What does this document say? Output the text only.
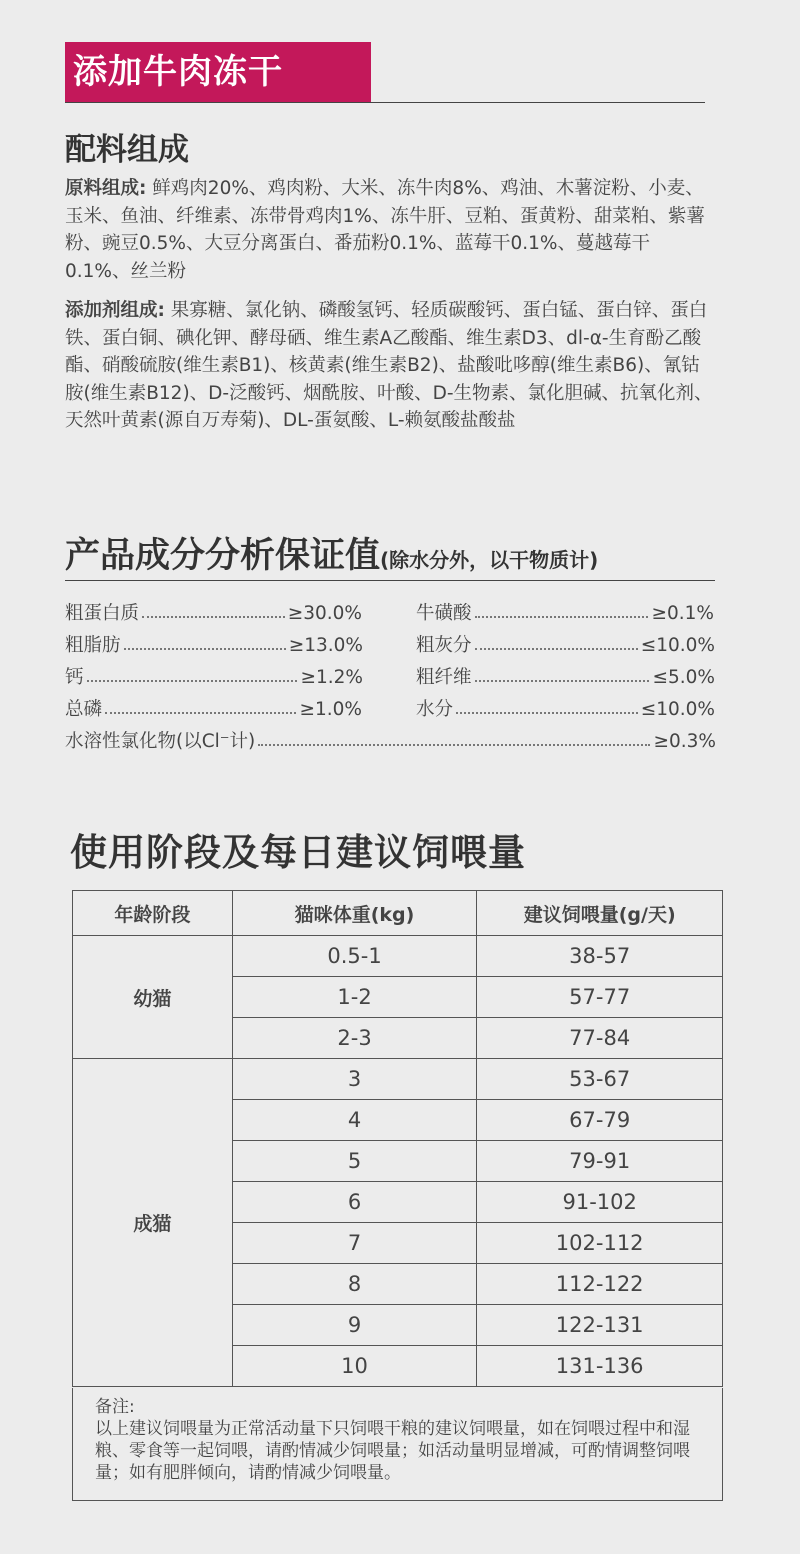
添加牛肉冻干
配料组成
原料组成: 鲜鸡肉20%、鸡肉粉、大米、冻牛肉8%、鸡油、木薯淀粉、小麦、玉米、鱼油、纤维素、冻带骨鸡肉1%、冻牛肝、豆粕、蛋黄粉、甜菜粕、紫薯粉、豌豆0.5%、大豆分离蛋白、番茄粉0.1%、蓝莓干0.1%、蔓越莓干0.1%、丝兰粉
添加剂组成: 果寡糖、氯化钠、磷酸氢钙、轻质碳酸钙、蛋白锰、蛋白锌、蛋白铁、蛋白铜、碘化钾、酵母硒、维生素A乙酸酯、维生素D3、dl-α-生育酚乙酸酯、硝酸硫胺(维生素B1)、核黄素(维生素B2)、盐酸吡哆醇(维生素B6)、氰钴胺(维生素B12)、D-泛酸钙、烟酰胺、叶酸、D-生物素、氯化胆碱、抗氧化剂、天然叶黄素(源自万寿菊)、DL-蛋氨酸、L-赖氨酸盐酸盐
产品成分分析保证值(除水分外，以干物质计)
粗蛋白质	≥30.0%	牛磺酸	≥0.1%
粗脂肪	≥13.0%	粗灰分	≤10.0%
钙	≥1.2%	粗纤维	≤5.0%
总磷	≥1.0%	水分	≤10.0%
水溶性氯化物(以Cl⁻计)	≥0.3%
使用阶段及每日建议饲喂量
年龄阶段	猫咪体重(kg)	建议饲喂量(g/天)
幼猫	0.5-1	38-57
	1-2	57-77
	2-3	77-84
成猫	3	53-67
	4	67-79
	5	79-91
	6	91-102
	7	102-112
	8	112-122
	9	122-131
	10	131-136
备注:
以上建议饲喂量为正常活动量下只饲喂干粮的建议饲喂量，如在饲喂过程中和湿粮、零食等一起饲喂，请酌情减少饲喂量；如活动量明显增减，可酌情调整饲喂量；如有肥胖倾向，请酌情减少饲喂量。
